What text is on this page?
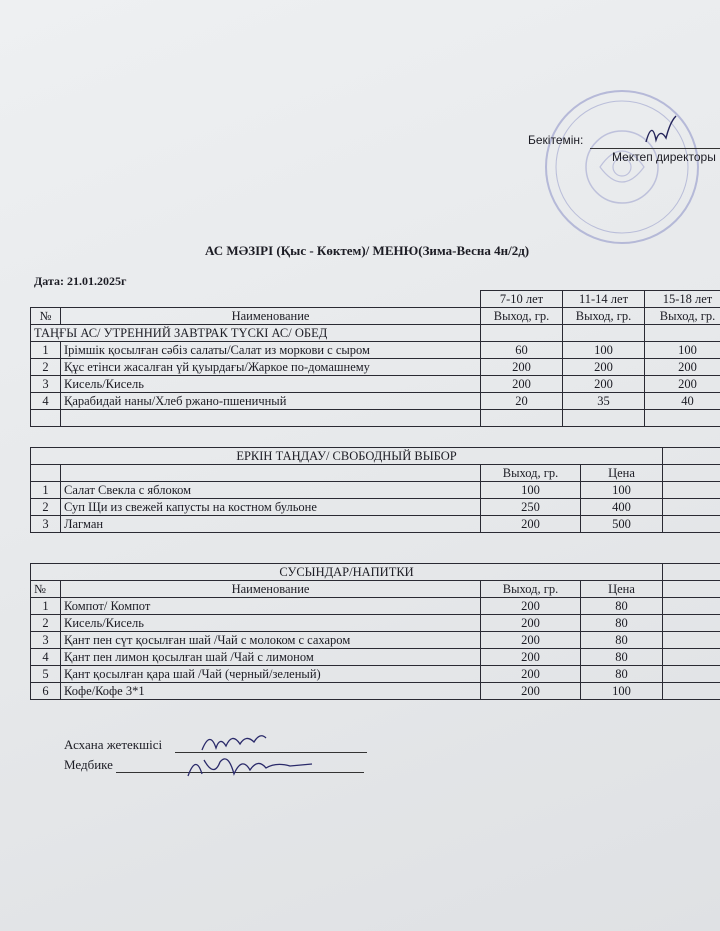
Бекітемін:
Мектеп директоры
АС МӘЗІРІ (Қыс - Көктем)/ МЕНЮ(Зима-Весна 4н/2д)
Дата: 21.01.2025г
		7-10 лет	11-14 лет	15-18 лет
№	Наименование	Выход, гр.	Выход, гр.	Выход, гр.
ТАҢҒЫ АС/ УТРЕННИЙ ЗАВТРАК ТҮСКІ АС/ ОБЕД				
1	Ірімшік қосылған сәбіз салаты/Салат из моркови с сыром	60	100	100
2	Құс етінси жасалған үй қуырдағы/Жаркое по-домашнему	200	200	200
3	Кисель/Кисель	200	200	200
4	Қарабидай наны/Хлеб ржано-пшеничный	20	35	40

ЕРКІН ТАҢДАУ/ СВОБОДНЫЙ ВЫБОР				
		Выход, гр.	Цена	
1	Салат Свекла с яблоком	100	100	
2	Суп Щи из свежей капусты на костном бульоне	250	400	
3	Лагман	200	500	
СУСЫНДАР/НАПИТКИ				
№	Наименование	Выход, гр.	Цена	
1	Компот/ Компот	200	80	
2	Кисель/Кисель	200	80	
3	Қант пен сүт қосылған шай /Чай с молоком с сахаром	200	80	
4	Қант пен лимон қосылған шай /Чай с лимоном	200	80	
5	Қант қосылған қара шай /Чай (черный/зеленый)	200	80	
6	Кофе/Кофе 3*1	200	100	
Асхана жетекшісі
Медбике
